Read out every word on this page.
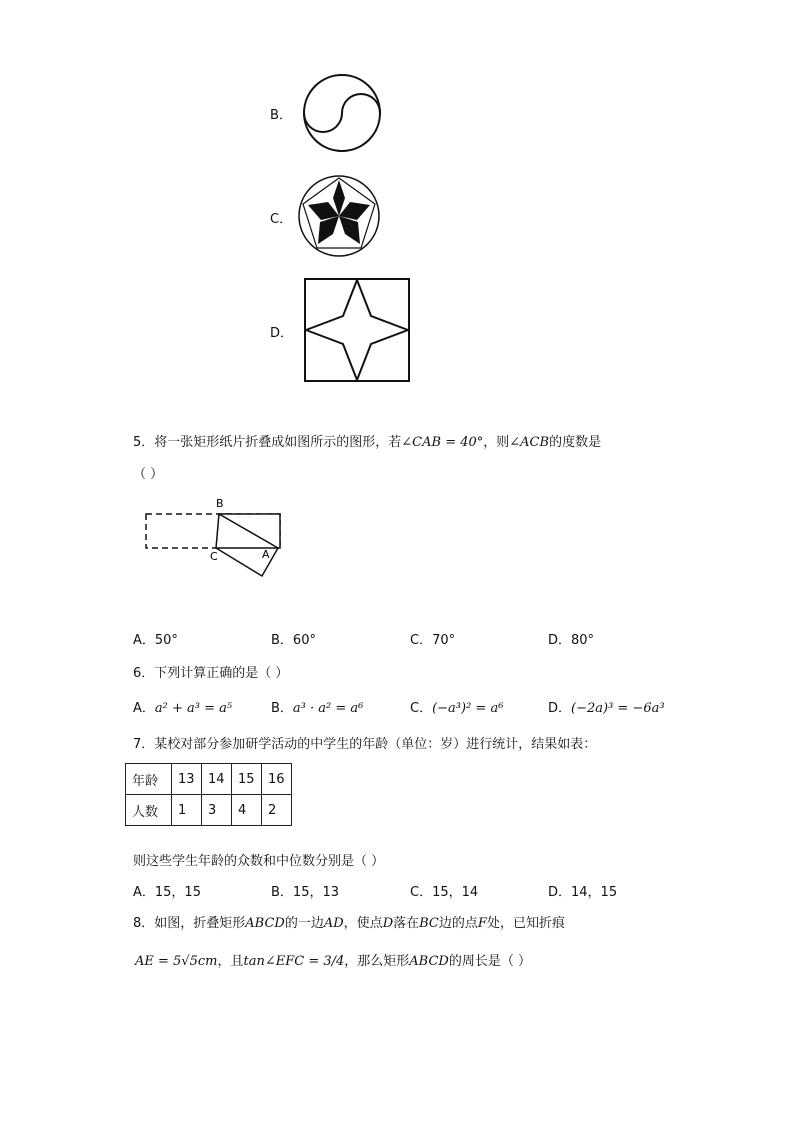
B．
C．
D．
5．将一张矩形纸片折叠成如图所示的图形，若∠CAB = 40°，则∠ACB的度数是
（ ）
B
C	A
A．50°	B．60°	C．70°	D．80°
6．下列计算正确的是（ ）
A．a² + a³ = a⁵	B．a³ · a² = a⁶	C．(−a³)² = a⁶	D．(−2a)³ = −6a³
7．某校对部分参加研学活动的中学生的年龄（单位：岁）进行统计，结果如表：
年龄	13	14	15	16
人数	1	3	4	2
则这些学生年龄的众数和中位数分别是（ ）
A．15，15	B．15，13	C．15，14	D．14，15
8．如图，折叠矩形ABCD的一边AD，使点D落在BC边的点F处，已知折痕
AE = 5√5cm，且tan∠EFC = 3/4，那么矩形ABCD的周长是（ ）
